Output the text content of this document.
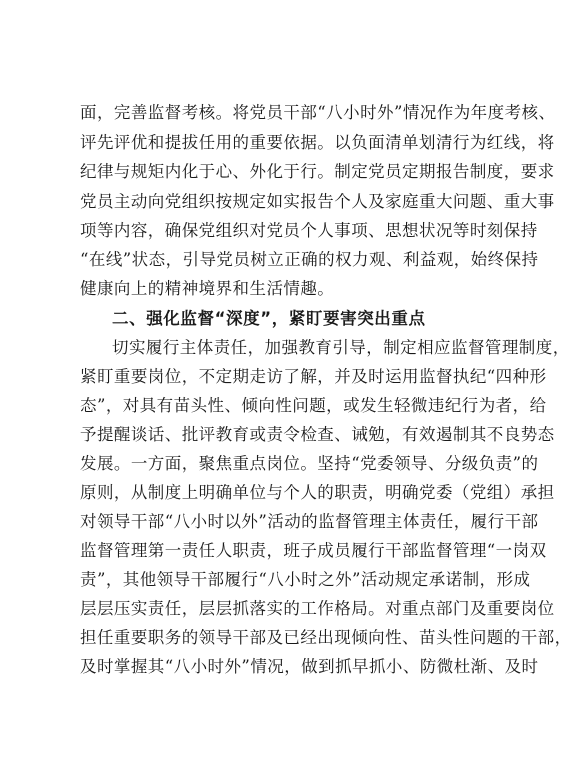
面，完善监督考核。将党员干部“八小时外”情况作为年度考核、
评先评优和提拔任用的重要依据。以负面清单划清行为红线，将
纪律与规矩内化于心、外化于行。制定党员定期报告制度，要求
党员主动向党组织按规定如实报告个人及家庭重大问题、重大事
项等内容，确保党组织对党员个人事项、思想状况等时刻保持
“在线”状态，引导党员树立正确的权力观、利益观，始终保持
健康向上的精神境界和生活情趣。
二、强化监督“深度”，紧盯要害突出重点
切实履行主体责任，加强教育引导，制定相应监督管理制度，
紧盯重要岗位，不定期走访了解，并及时运用监督执纪“四种形
态”，对具有苗头性、倾向性问题，或发生轻微违纪行为者，给
予提醒谈话、批评教育或责令检查、诫勉，有效遏制其不良势态
发展。一方面，聚焦重点岗位。坚持“党委领导、分级负责”的
原则，从制度上明确单位与个人的职责，明确党委（党组）承担
对领导干部“八小时以外”活动的监督管理主体责任，履行干部
监督管理第一责任人职责，班子成员履行干部监督管理“一岗双
责”，其他领导干部履行“八小时之外”活动规定承诺制，形成
层层压实责任，层层抓落实的工作格局。对重点部门及重要岗位
担任重要职务的领导干部及已经出现倾向性、苗头性问题的干部，
及时掌握其“八小时外”情况，做到抓早抓小、防微杜渐、及时
